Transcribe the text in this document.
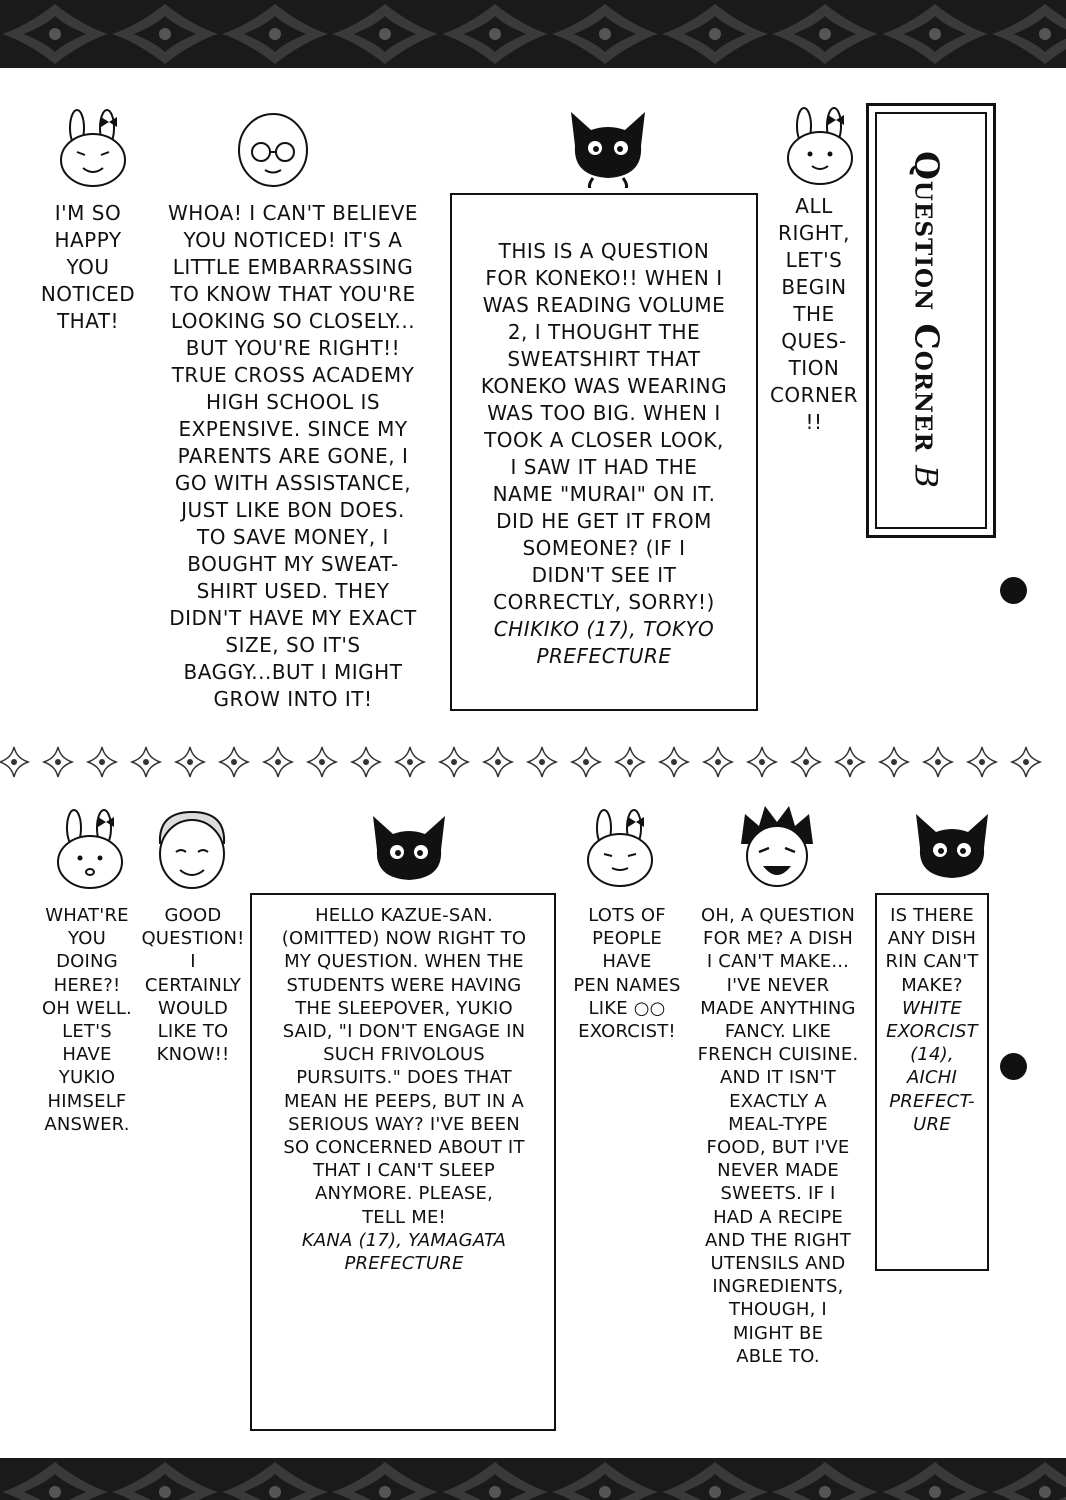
I'M SO

HAPPY

YOU

NOTICED

THAT!

WHOA! I CAN'T BELIEVE

YOU NOTICED! IT'S A

LITTLE EMBARRASSING

TO KNOW THAT YOU'RE

LOOKING SO CLOSELY...

BUT YOU'RE RIGHT!!

TRUE CROSS ACADEMY

HIGH SCHOOL IS

EXPENSIVE. SINCE MY

PARENTS ARE GONE, I

GO WITH ASSISTANCE,

JUST LIKE BON DOES.

TO SAVE MONEY, I

BOUGHT MY SWEAT-

SHIRT USED. THEY

DIDN'T HAVE MY EXACT

SIZE, SO IT'S

BAGGY...BUT I MIGHT

GROW INTO IT!

THIS IS A QUESTION

FOR KONEKO!! WHEN I

WAS READING VOLUME

2, I THOUGHT THE

SWEATSHIRT THAT

KONEKO WAS WEARING

WAS TOO BIG. WHEN I

TOOK A CLOSER LOOK,

I SAW IT HAD THE

NAME "MURAI" ON IT.

DID HE GET IT FROM

SOMEONE? (IF I

DIDN'T SEE IT

CORRECTLY, SORRY!)

CHIKIKO (17), TOKYO

PREFECTURE

ALL

RIGHT,

LET'S

BEGIN

THE

QUES-

TION

CORNER

!!	Question Corner β

WHAT'RE

YOU

DOING

HERE?!

OH WELL.

LET'S

HAVE

YUKIO

HIMSELF

ANSWER.

GOOD

QUESTION!

I

CERTAINLY

WOULD

LIKE TO

KNOW!!

HELLO KAZUE-SAN.

(OMITTED) NOW RIGHT TO

MY QUESTION. WHEN THE

STUDENTS WERE HAVING

THE SLEEPOVER, YUKIO

SAID, "I DON'T ENGAGE IN

SUCH FRIVOLOUS

PURSUITS." DOES THAT

MEAN HE PEEPS, BUT IN A

SERIOUS WAY? I'VE BEEN

SO CONCERNED ABOUT IT

THAT I CAN'T SLEEP

ANYMORE. PLEASE,

TELL ME!

KANA (17), YAMAGATA

PREFECTURE

LOTS OF

PEOPLE

HAVE

PEN NAMES

LIKE ○○

EXORCIST!

OH, A QUESTION

FOR ME? A DISH

I CAN'T MAKE...

I'VE NEVER

MADE ANYTHING

FANCY. LIKE

FRENCH CUISINE.

AND IT ISN'T

EXACTLY A

MEAL-TYPE

FOOD, BUT I'VE

NEVER MADE

SWEETS. IF I

HAD A RECIPE

AND THE RIGHT

UTENSILS AND

INGREDIENTS,

THOUGH, I

MIGHT BE

ABLE TO.

IS THERE

ANY DISH

RIN CAN'T

MAKE?

WHITE

EXORCIST

(14),

AICHI

PREFECT-

URE
